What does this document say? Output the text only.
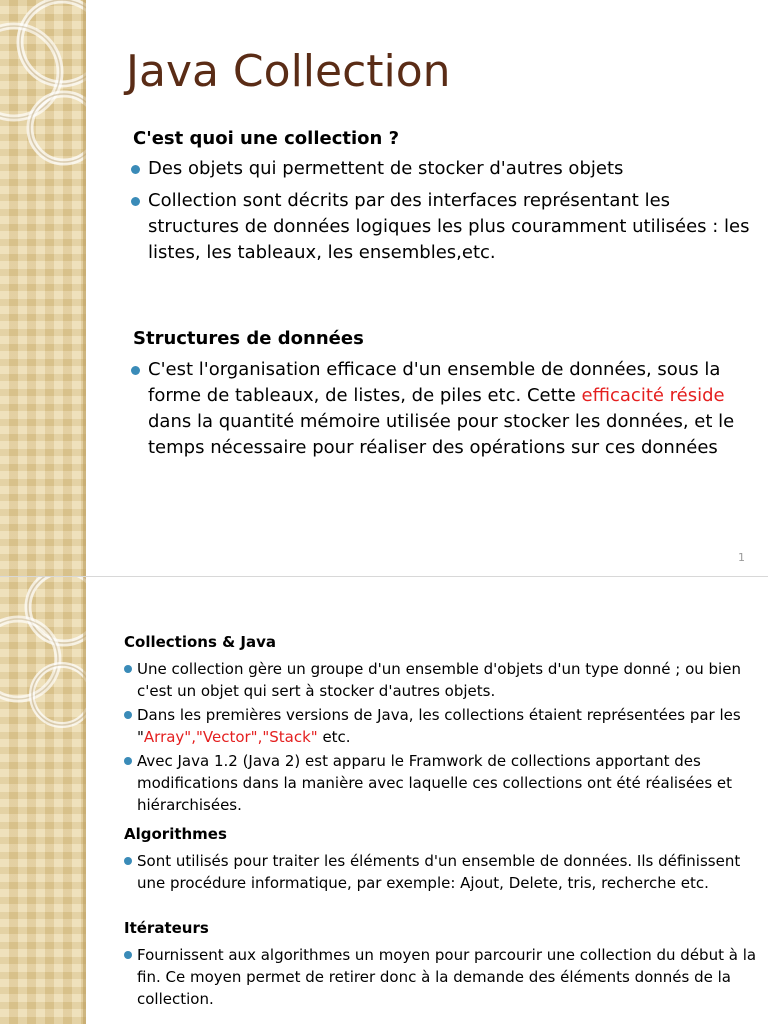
Java Collection
C'est quoi une collection ?
Des objets qui permettent de stocker d'autres objets
Collection sont décrits par des interfaces représentant les structures de données logiques les plus couramment utilisées : les listes, les tableaux, les ensembles,etc.
Structures de données
C'est l'organisation efficace d'un ensemble de données, sous la forme de tableaux, de listes, de piles etc. Cette efficacité réside dans la quantité mémoire utilisée pour stocker les données, et le temps nécessaire pour réaliser des opérations sur ces données
1
Collections & Java
Une collection gère un groupe d'un ensemble d'objets d'un type donné ; ou bien c'est un objet qui sert à stocker d'autres objets.
Dans les premières versions de Java, les collections étaient représentées par les "Array","Vector","Stack" etc.
Avec Java 1.2 (Java 2) est apparu le Framwork de collections apportant des modifications dans la manière avec laquelle ces collections ont été réalisées et hiérarchisées.
Algorithmes
Sont utilisés pour traiter les éléments d'un ensemble de données. Ils définissent une procédure informatique, par exemple: Ajout, Delete, tris, recherche etc.
Itérateurs
Fournissent aux algorithmes un moyen pour parcourir une collection du début à la fin. Ce moyen permet de retirer donc à la demande des éléments donnés de la collection.
